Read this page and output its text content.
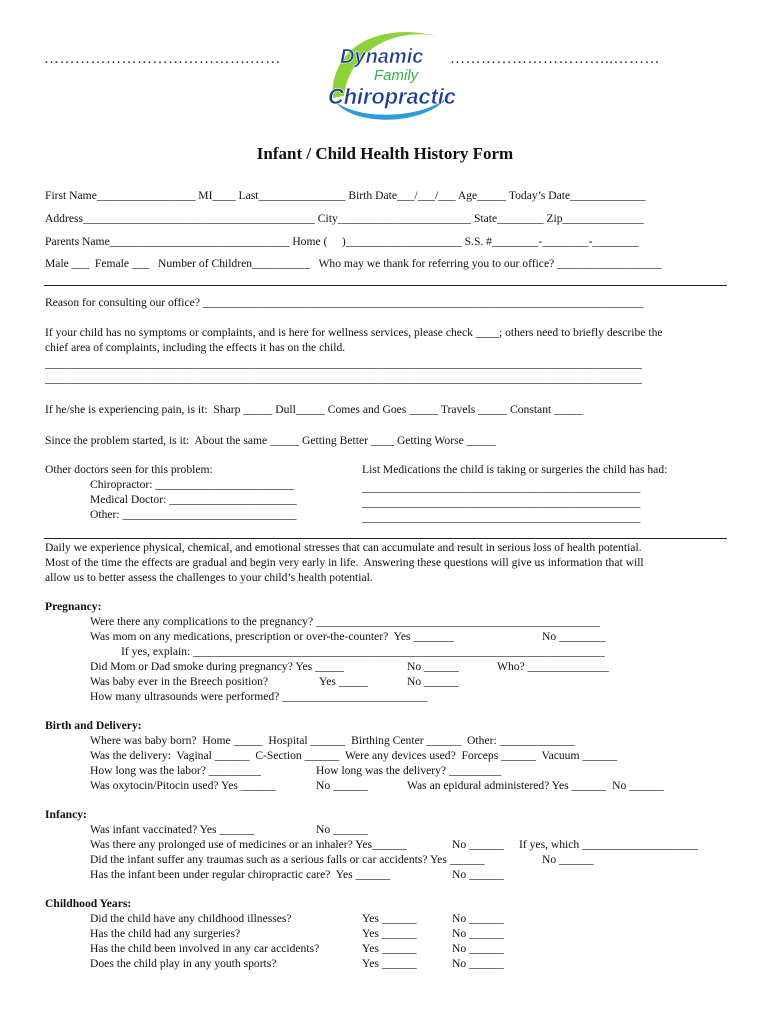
………………………………….……	…………………………..………
Dynamic
Family
Chiropractic
Infant / Child Health History Form
First Name_________________ MI____ Last_______________ Birth Date___/___/___ Age_____ Today’s Date_____________
Address________________________________________ City_______________________ State________ Zip______________
Parents Name_______________________________ Home (     )____________________ S.S. #________-________-________
Male ___  Female ___   Number of Children__________   Who may we thank for referring you to our office? __________________
Reason for consulting our office? ____________________________________________________________________________
If your child has no symptoms or complaints, and is here for wellness services, please check ____; others need to briefly describe the
chief area of complaints, including the effects it has on the child.
_______________________________________________________________________________________________________
_______________________________________________________________________________________________________
If he/she is experiencing pain, is it:  Sharp _____ Dull_____ Comes and Goes _____ Travels _____ Constant _____
Since the problem started, is it:  About the same _____ Getting Better ____ Getting Worse _____
Other doctors seen for this problem:
Chiropractor: ________________________
Medical Doctor: ______________________
Other: ______________________________
List Medications the child is taking or surgeries the child has had:
________________________________________________
________________________________________________
________________________________________________
Daily we experience physical, chemical, and emotional stresses that can accumulate and result in serious loss of health potential.
Most of the time the effects are gradual and begin very early in life.  Answering these questions will give us information that will
allow us to better assess the challenges to your child’s health potential.
Pregnancy:
Were there any complications to the pregnancy? _________________________________________________
Was mom on any medications, prescription or over-the-counter?  Yes _______	No ________
If yes, explain: _______________________________________________________________________
Did Mom or Dad smoke during pregnancy? Yes _____	No ______	Who? ______________
Was baby ever in the Breech position?	Yes _____	No ______
How many ultrasounds were performed? _________________________
Birth and Delivery:
Where was baby born?  Home _____  Hospital ______  Birthing Center ______  Other: _____________
Was the delivery:  Vaginal ______  C-Section ______  Were any devices used?  Forceps ______  Vacuum ______
How long was the labor? _________	How long was the delivery? _________
Was oxytocin/Pitocin used? Yes ______	No ______	Was an epidural administered? Yes ______  No ______
Infancy:
Was infant vaccinated? Yes ______	No ______
Was there any prolonged use of medicines or an inhaler? Yes______	No ______ If yes, which ____________________
Did the infant suffer any traumas such as a serious falls or car accidents? Yes ______	No ______
Has the infant been under regular chiropractic care?  Yes ______	No ______
Childhood Years:
Did the child have any childhood illnesses?	Yes ______	No ______
Has the child had any surgeries?	Yes ______	No ______
Has the child been involved in any car accidents?	Yes ______	No ______
Does the child play in any youth sports?	Yes ______	No ______
